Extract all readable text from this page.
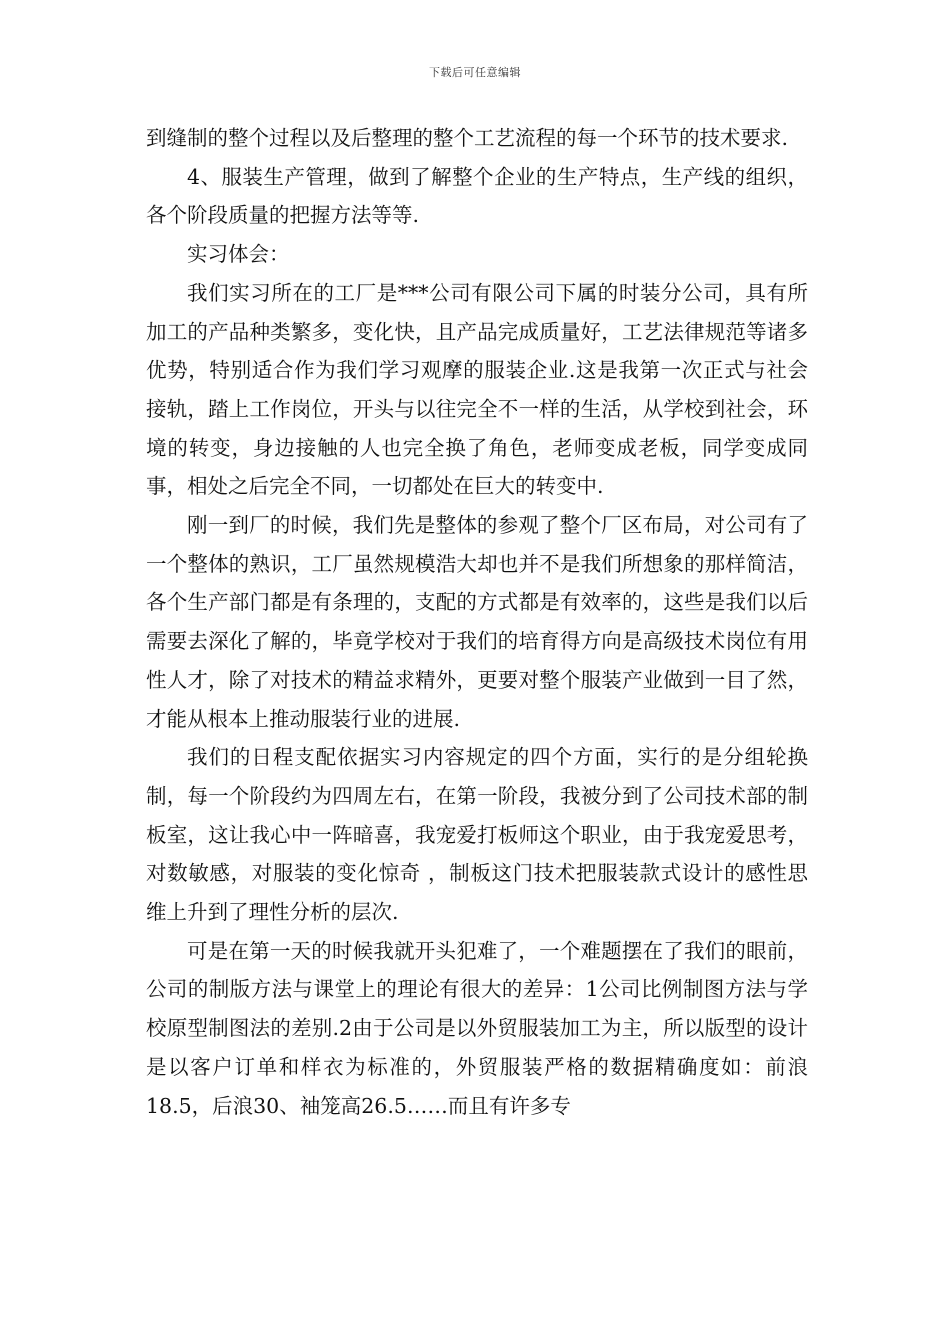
下载后可任意编辑

到缝制的整个过程以及后整理的整个工艺流程的每一个环节的技术要求.

4、服装生产管理，做到了解整个企业的生产特点，生产线的组织，各个阶段质量的把握方法等等.

实习体会：

我们实习所在的工厂是***公司有限公司下属的时装分公司，具有所加工的产品种类繁多，变化快，且产品完成质量好，工艺法律规范等诸多优势，特别适合作为我们学习观摩的服装企业.这是我第一次正式与社会接轨，踏上工作岗位，开头与以往完全不一样的生活，从学校到社会，环境的转变，身边接触的人也完全换了角色，老师变成老板，同学变成同事，相处之后完全不同，一切都处在巨大的转变中.

刚一到厂的时候，我们先是整体的参观了整个厂区布局，对公司有了一个整体的熟识，工厂虽然规模浩大却也并不是我们所想象的那样简洁，各个生产部门都是有条理的，支配的方式都是有效率的，这些是我们以后需要去深化了解的，毕竟学校对于我们的培育得方向是高级技术岗位有用性人才，除了对技术的精益求精外，更要对整个服装产业做到一目了然，才能从根本上推动服装行业的进展.

我们的日程支配依据实习内容规定的四个方面，实行的是分组轮换制，每一个阶段约为四周左右，在第一阶段，我被分到了公司技术部的制板室，这让我心中一阵暗喜，我宠爱打板师这个职业，由于我宠爱思考，对数敏感，对服装的变化惊奇 ，制板这门技术把服装款式设计的感性思维上升到了理性分析的层次.

可是在第一天的时候我就开头犯难了，一个难题摆在了我们的眼前，公司的制版方法与课堂上的理论有很大的差异：1公司比例制图方法与学校原型制图法的差别.2由于公司是以外贸服装加工为主，所以版型的设计是以客户订单和样衣为标准的，外贸服装严格的数据精确度如：前浪18.5，后浪30、袖笼高26.5……而且有许多专
